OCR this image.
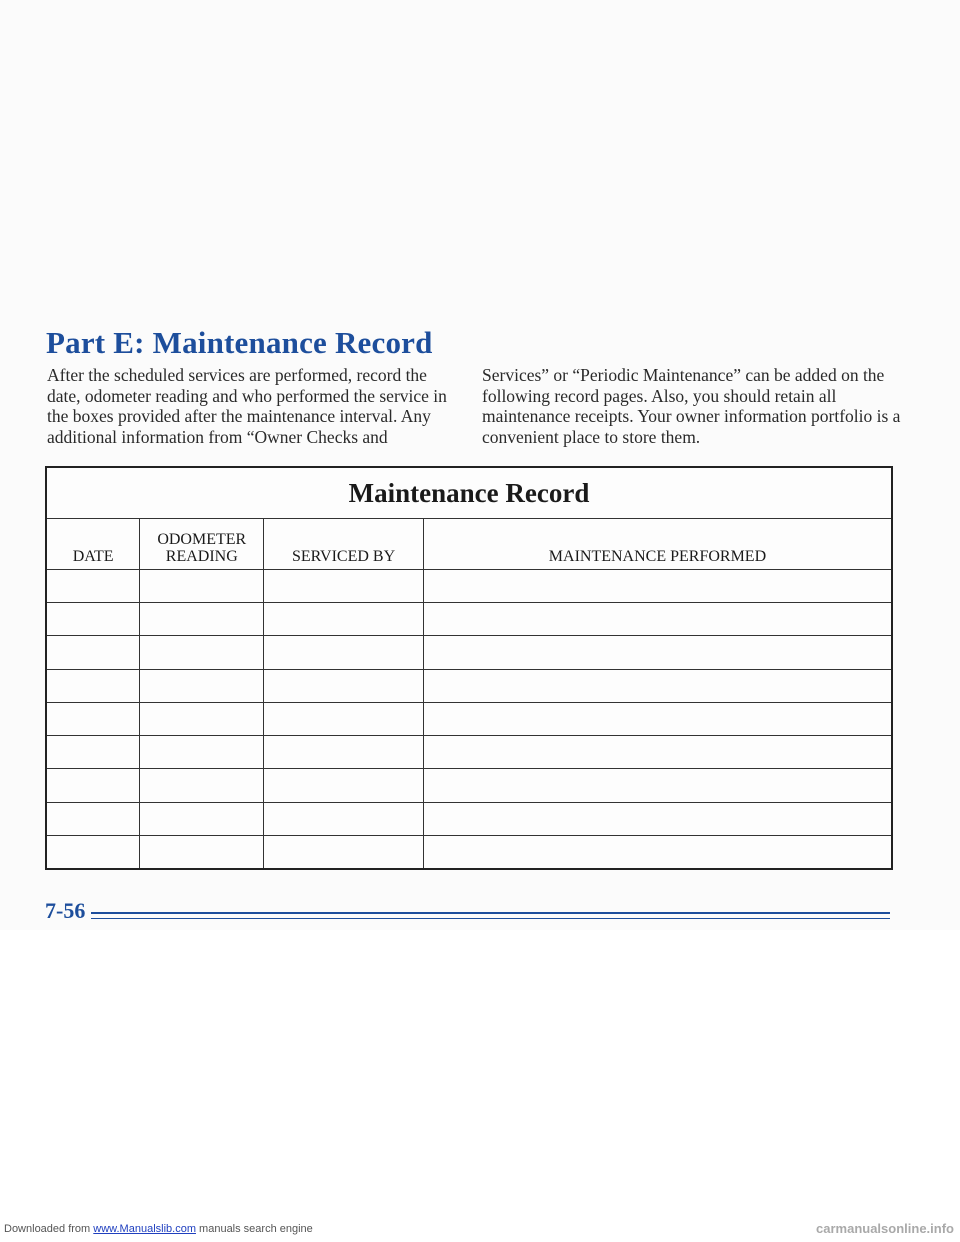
Part E: Maintenance Record

After the scheduled services are performed, record the date, odometer reading and who performed the service in the boxes provided after the maintenance interval. Any additional information from “Owner Checks and

Services” or “Periodic Maintenance” can be added on the following record pages. Also, you should retain all maintenance receipts. Your owner information portfolio is a convenient place to store them.

Maintenance Record			
DATE	ODOMETER READING	SERVICED BY	MAINTENANCE PERFORMED

7-56
Downloaded from www.Manualslib.com manuals search engine	carmanualsonline.info
